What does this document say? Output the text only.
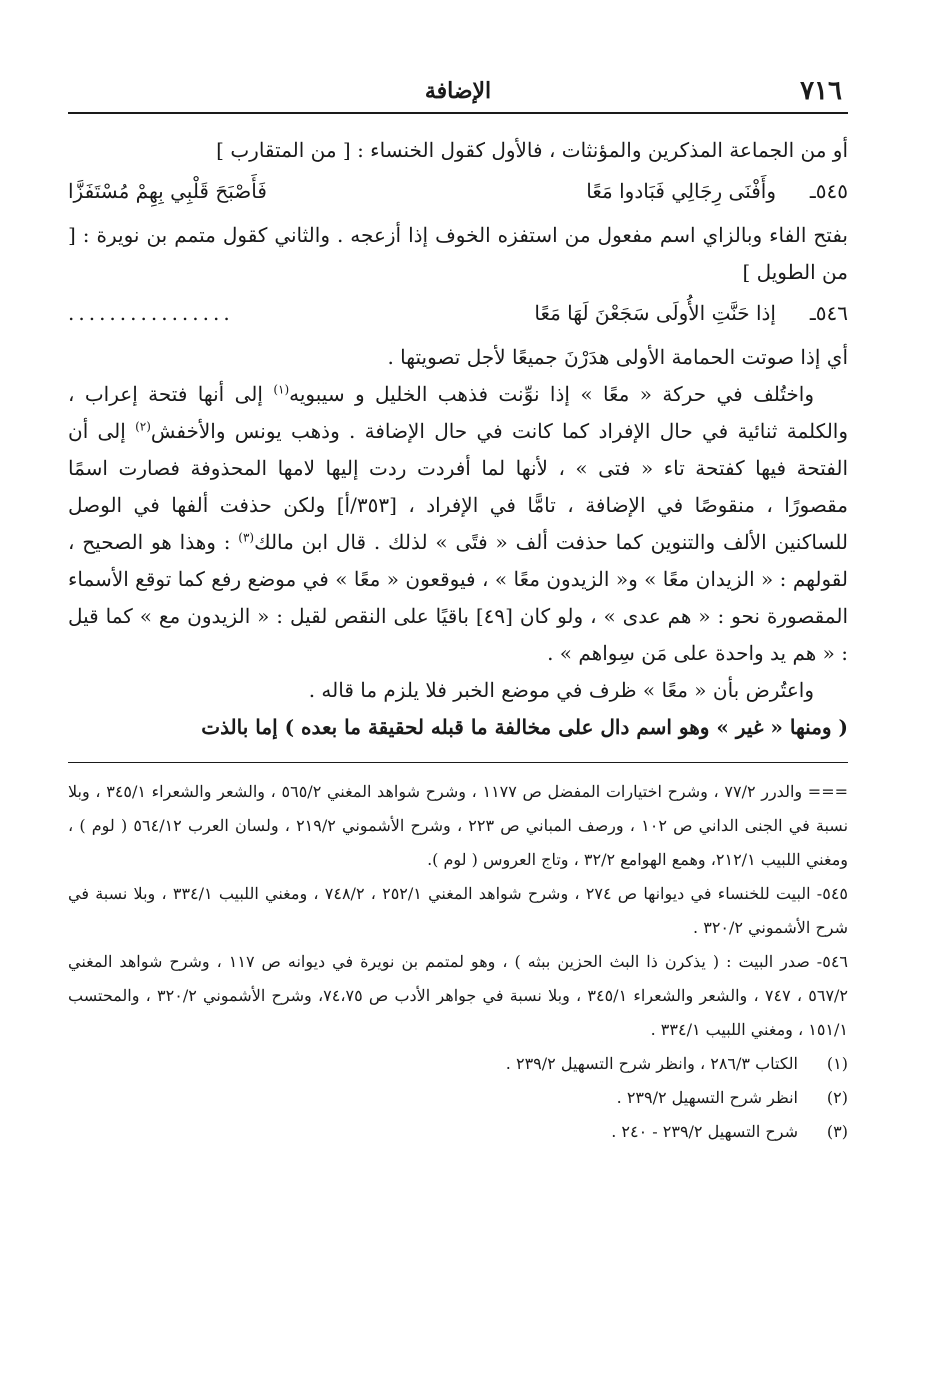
٧١٦
الإضافة

أو من الجماعة المذكرين والمؤنثات ، فالأول كقول الخنساء : [ من المتقارب ]

٥٤٥ـ
وأَفْنَى رِجَالِي فَبَادوا مَعًا
فَأَصْبَحَ قَلْبِي بِهِمْ مُسْتَفَزَّا

بفتح الفاء وبالزاي اسم مفعول من استفزه الخوف إذا أزعجه . والثاني كقول متمم بن نويرة : [ من الطويل ]

٥٤٦ـ
إذا حَنَّتِ الأُولَى سَجَعْنَ لَهَا مَعًا
................

أي إذا صوتت الحمامة الأولى هدَرْنَ جميعًا لأجل تصويتها .

واختُلف في حركة « معًا » إذا نوِّنت فذهب الخليل و سيبويه$^{(١)}$ إلى أنها فتحة إعراب ، والكلمة ثنائية في حال الإفراد كما كانت في حال الإضافة . وذهب يونس والأخفش$^{(٢)}$ إلى أن الفتحة فيها كفتحة تاء « فتى » ، لأنها لما أفردت ردت إليها لامها المحذوفة فصارت اسمًا مقصورًا ، منقوصًا في الإضافة ، تامًّا في الإفراد ، [٣٥٣/أ] ولكن حذفت ألفها في الوصل للساكنين الألف والتنوين كما حذفت ألف « فتًى » لذلك . قال ابن مالك$^{(٣)}$ : وهذا هو الصحيح ، لقولهم : « الزيدان معًا » و« الزيدون معًا » ، فيوقعون « معًا » في موضع رفع كما توقع الأسماء المقصورة نحو : « هم عدى » ، ولو كان [٤٩] باقيًا على النقص لقيل : « الزيدون مع » كما قيل : « هم يد واحدة على مَن سِواهم » .

واعتُرض بأن « معًا » ظرف في موضع الخبر فلا يلزم ما قاله .

( ومنها « غير » وهو اسم دال على مخالفة ما قبله لحقيقة ما بعده ) إما بالذت

=== والدرر ٧٧/٢ ، وشرح اختيارات المفضل ص ١١٧٧ ، وشرح شواهد المغني ٥٦٥/٢ ، والشعر والشعراء ٣٤٥/١ ، وبلا نسبة في الجنى الداني ص ١٠٢ ، ورصف المباني ص ٢٢٣ ، وشرح الأشموني ٢١٩/٢ ، ولسان العرب ٥٦٤/١٢ ( لوم ) ، ومغني اللبيب ٢١٢/١، وهمع الهوامع ٣٢/٢ ، وتاج العروس ( لوم ).

٥٤٥- البيت للخنساء في ديوانها ص ٢٧٤ ، وشرح شواهد المغني ٢٥٢/١ ، ٧٤٨/٢ ، ومغني اللبيب ٣٣٤/١ ، وبلا نسبة في شرح الأشموني ٣٢٠/٢ .

٥٤٦- صدر البيت : ( يذكرن ذا البث الحزين ببثه ) ، وهو لمتمم بن نويرة في ديوانه ص ١١٧ ، وشرح شواهد المغني ٥٦٧/٢ ، ٧٤٧ ، والشعر والشعراء ٣٤٥/١ ، وبلا نسبة في جواهر الأدب ص ٧٤،٧٥، وشرح الأشموني ٣٢٠/٢ ، والمحتسب ١٥١/١ ، ومغني اللبيب ٣٣٤/١ .

(١)
الكتاب ٢٨٦/٣ ، وانظر شرح التسهيل ٢٣٩/٢ .
(٢)
انظر شرح التسهيل ٢٣٩/٢ .
(٣)
شرح التسهيل ٢٣٩/٢ - ٢٤٠ .
